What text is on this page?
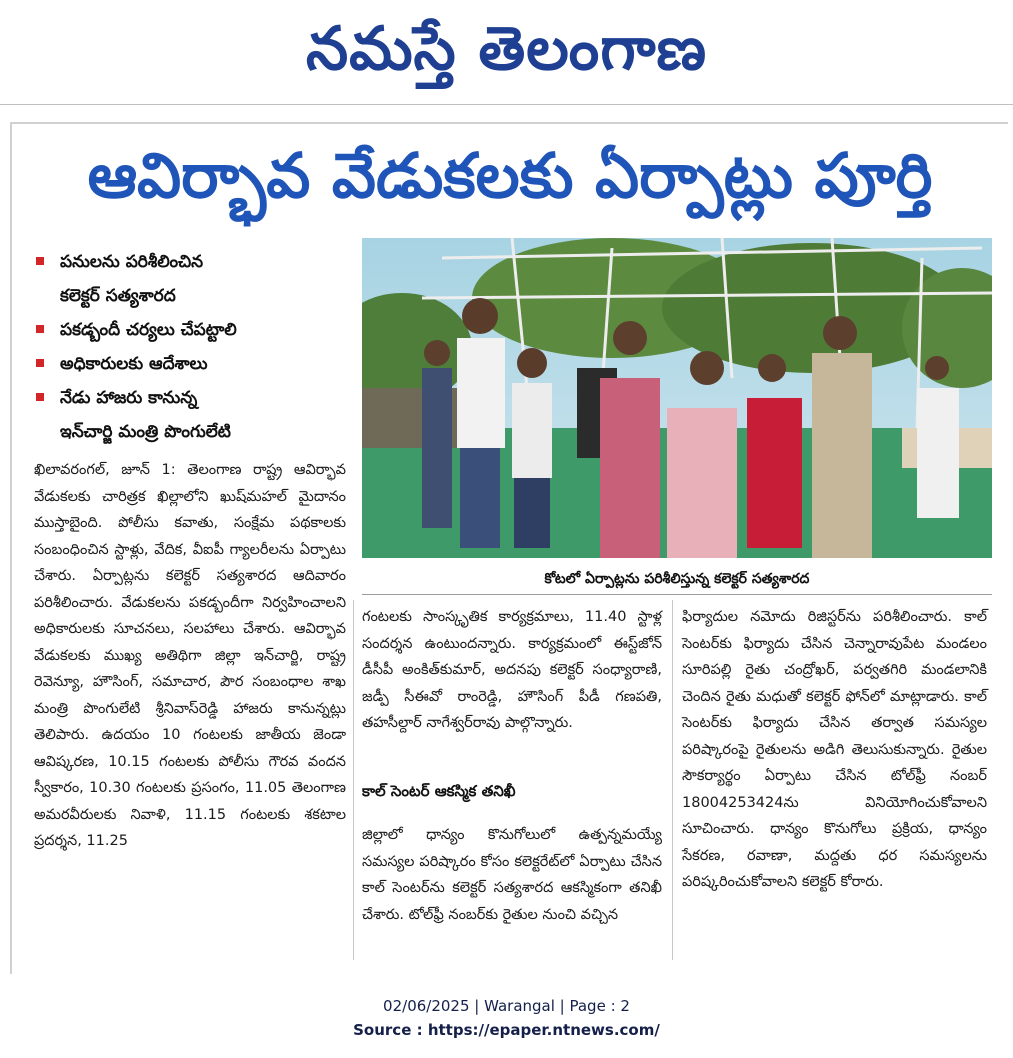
నమస్తే తెలంగాణ
ఆవిర్భావ వేడుకలకు ఏర్పాట్లు పూర్తి
పనులను పరిశీలించిన
కలెక్టర్ సత్యశారద
పకడ్బందీ చర్యలు చేపట్టాలి
అధికారులకు ఆదేశాలు
నేడు హాజరు కానున్న
ఇన్‌చార్జి మంత్రి పొంగులేటి
కోటలో ఏర్పాట్లను పరిశీలిస్తున్న కలెక్టర్ సత్యశారద

ఖిలావరంగల్, జూన్ 1: తెలంగాణ రాష్ట్ర ఆవిర్భావ వేడుకలకు చారిత్రక ఖిల్లాలోని ఖుష్‌మహల్ మైదానం ముస్తాబైంది. పోలీసు కవాతు, సంక్షేమ పథకాలకు సంబంధించిన స్టాళ్లు, వేదిక, వీఐపీ గ్యాలరీలను ఏర్పాటు చేశారు. ఏర్పాట్లను కలెక్టర్ సత్యశారద ఆదివారం పరిశీలించారు. వేడుకలను పకడ్బందీగా నిర్వహించాలని అధికారులకు సూచనలు, సలహాలు చేశారు. ఆవిర్భావ వేడుకలకు ముఖ్య అతిథిగా జిల్లా ఇన్‌చార్జి, రాష్ట్ర రెవెన్యూ, హౌసింగ్, సమాచార, పౌర సంబంధాల శాఖ మంత్రి పొంగులేటి శ్రీనివాస్‌రెడ్డి హాజరు కానున్నట్లు తెలిపారు. ఉదయం 10 గంటలకు జాతీయ జెండా ఆవిష్కరణ, 10.15 గంటలకు పోలీసు గౌరవ వందన స్వీకారం, 10.30 గంటలకు ప్రసంగం, 11.05 తెలంగాణ అమరవీరులకు నివాళి, 11.15 గంటలకు శకటాల ప్రదర్శన, 11.25

గంటలకు సాంస్కృతిక కార్యక్రమాలు, 11.40 స్టాళ్ల సందర్శన ఉంటుందన్నారు. కార్యక్రమంలో ఈస్ట్‌జోన్ డీసీపీ అంకిత్‌కుమార్, అదనపు కలెక్టర్ సంధ్యారాణి, జడ్పీ సీఈవో రాంరెడ్డి, హౌసింగ్ పీడీ గణపతి, తహసీల్దార్ నాగేశ్వర్‌రావు పాల్గొన్నారు.

కాల్ సెంటర్ ఆకస్మిక తనిఖీ

జిల్లాలో ధాన్యం కొనుగోలులో ఉత్పన్నమయ్యే సమస్యల పరిష్కారం కోసం కలెక్టరేట్‌లో ఏర్పాటు చేసిన కాల్ సెంటర్‌ను కలెక్టర్ సత్యశారద ఆకస్మికంగా తనిఖీ చేశారు. టోల్‌ఫ్రీ నంబర్‌కు రైతుల నుంచి వచ్చిన

ఫిర్యాదుల నమోదు రిజిస్టర్‌ను పరిశీలించారు. కాల్ సెంటర్‌కు ఫిర్యాదు చేసిన చెన్నారావుపేట మండలం సూరిపల్లి రైతు చంద్రోఖర్, పర్వతగిరి మండలానికి చెందిన రైతు మధుతో కలెక్టర్ ఫోన్‌లో మాట్లాడారు. కాల్ సెంటర్‌కు ఫిర్యాదు చేసిన తర్వాత సమస్యల పరిష్కారంపై రైతులను అడిగి తెలుసుకున్నారు. రైతుల సౌకర్యార్థం ఏర్పాటు చేసిన టోల్‌ఫ్రీ నంబర్ 18004253424ను వినియోగించుకోవాలని సూచించారు. ధాన్యం కొనుగోలు ప్రక్రియ, ధాన్యం సేకరణ, రవాణా, మద్దతు ధర సమస్యలను పరిష్కరించుకోవాలని కలెక్టర్ కోరారు.

02/06/2025 | Warangal | Page : 2
Source : https://epaper.ntnews.com/
